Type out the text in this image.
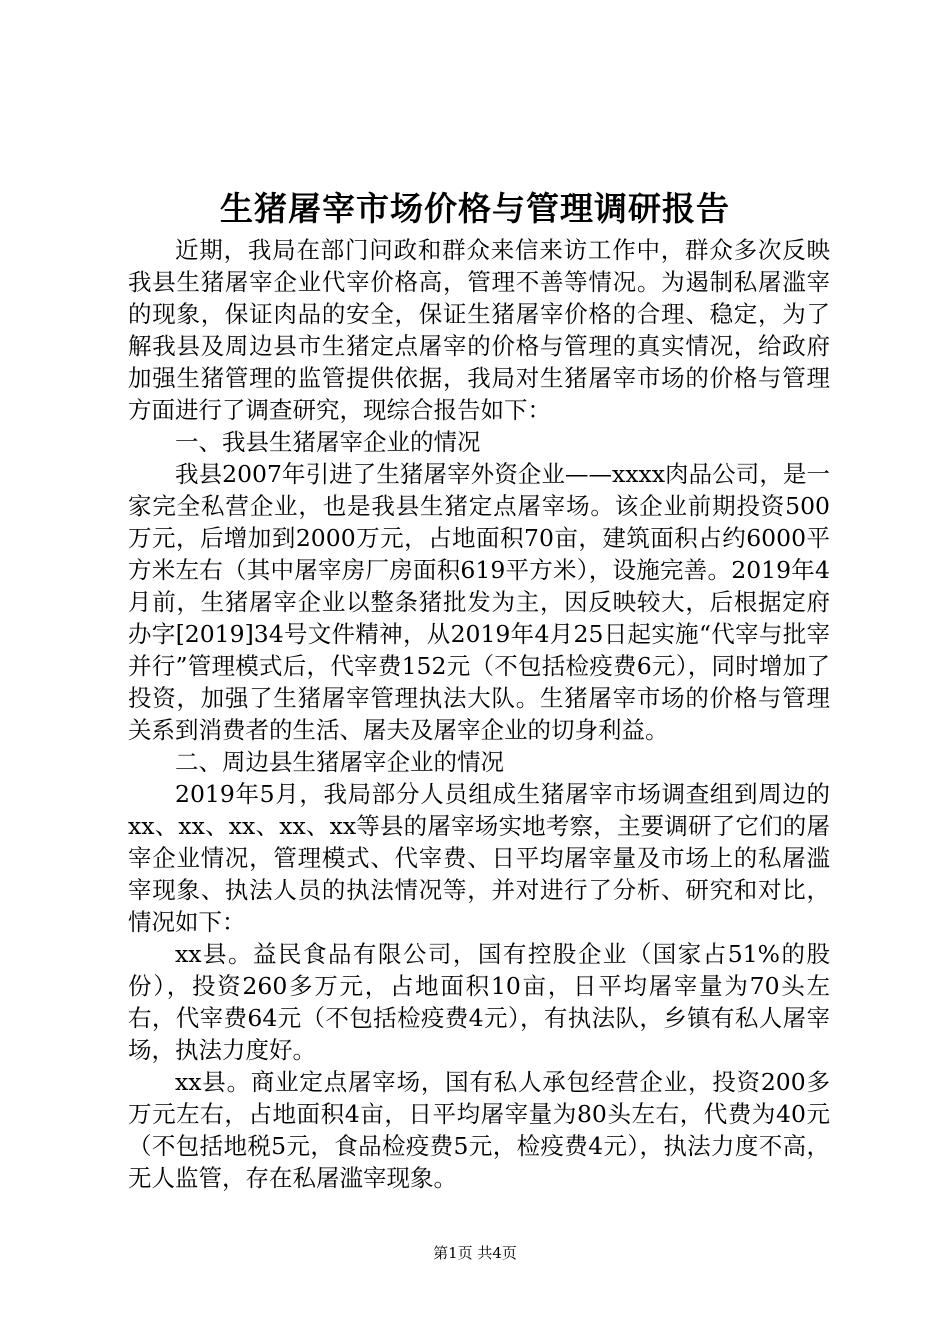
生猪屠宰市场价格与管理调研报告

近期，我局在部门问政和群众来信来访工作中，群众多次反映我县生猪屠宰企业代宰价格高，管理不善等情况。为遏制私屠滥宰的现象，保证肉品的安全，保证生猪屠宰价格的合理、稳定，为了解我县及周边县市生猪定点屠宰的价格与管理的真实情况，给政府加强生猪管理的监管提供依据，我局对生猪屠宰市场的价格与管理方面进行了调查研究，现综合报告如下：

一、我县生猪屠宰企业的情况

我县2007年引进了生猪屠宰外资企业——xxxx肉品公司，是一家完全私营企业，也是我县生猪定点屠宰场。该企业前期投资500万元，后增加到2000万元，占地面积70亩，建筑面积占约6000平方米左右（其中屠宰房厂房面积619平方米），设施完善。2019年4月前，生猪屠宰企业以整条猪批发为主，因反映较大，后根据定府办字[2019]34号文件精神，从2019年4月25日起实施“代宰与批宰并行”管理模式后，代宰费152元（不包括检疫费6元），同时增加了投资，加强了生猪屠宰管理执法大队。生猪屠宰市场的价格与管理关系到消费者的生活、屠夫及屠宰企业的切身利益。

二、周边县生猪屠宰企业的情况

2019年5月，我局部分人员组成生猪屠宰市场调查组到周边的xx、xx、xx、xx、xx等县的屠宰场实地考察，主要调研了它们的屠宰企业情况，管理模式、代宰费、日平均屠宰量及市场上的私屠滥宰现象、执法人员的执法情况等，并对进行了分析、研究和对比，情况如下：

xx县。益民食品有限公司，国有控股企业（国家占51%的股份），投资260多万元，占地面积10亩，日平均屠宰量为70头左右，代宰费64元（不包括检疫费4元），有执法队，乡镇有私人屠宰场，执法力度好。

xx县。商业定点屠宰场，国有私人承包经营企业，投资200多万元左右，占地面积4亩，日平均屠宰量为80头左右，代费为40元（不包括地税5元，食品检疫费5元，检疫费4元），执法力度不高，无人监管，存在私屠滥宰现象。

第1页 共4页
